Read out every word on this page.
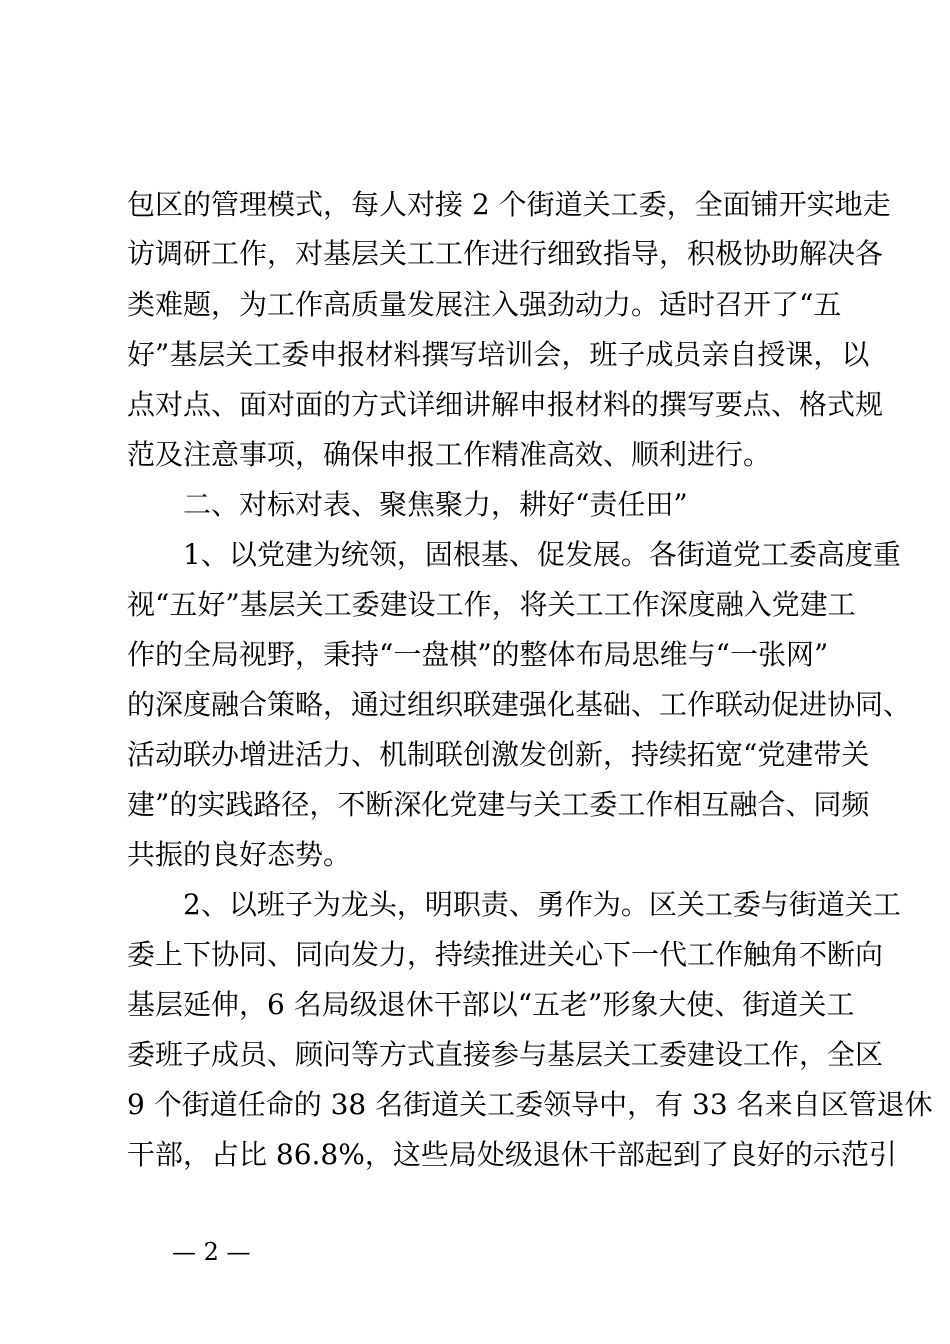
包区的管理模式，每人对接 2 个街道关工委，全面铺开实地走
访调研工作，对基层关工工作进行细致指导，积极协助解决各
类难题，为工作高质量发展注入强劲动力。适时召开了“五
好”基层关工委申报材料撰写培训会，班子成员亲自授课，以
点对点、面对面的方式详细讲解申报材料的撰写要点、格式规
范及注意事项，确保申报工作精准高效、顺利进行。
二、对标对表、聚焦聚力，耕好“责任田”
1、以党建为统领，固根基、促发展。各街道党工委高度重
视“五好”基层关工委建设工作，将关工工作深度融入党建工
作的全局视野，秉持“一盘棋”的整体布局思维与“一张网”
的深度融合策略，通过组织联建强化基础、工作联动促进协同、
活动联办增进活力、机制联创激发创新，持续拓宽“党建带关
建”的实践路径，不断深化党建与关工委工作相互融合、同频
共振的良好态势。
2、以班子为龙头，明职责、勇作为。区关工委与街道关工
委上下协同、同向发力，持续推进关心下一代工作触角不断向
基层延伸，6 名局级退休干部以“五老”形象大使、街道关工
委班子成员、顾问等方式直接参与基层关工委建设工作，全区
9 个街道任命的 38 名街道关工委领导中，有 33 名来自区管退休
干部，占比 86.8%，这些局处级退休干部起到了良好的示范引
— 2 —
